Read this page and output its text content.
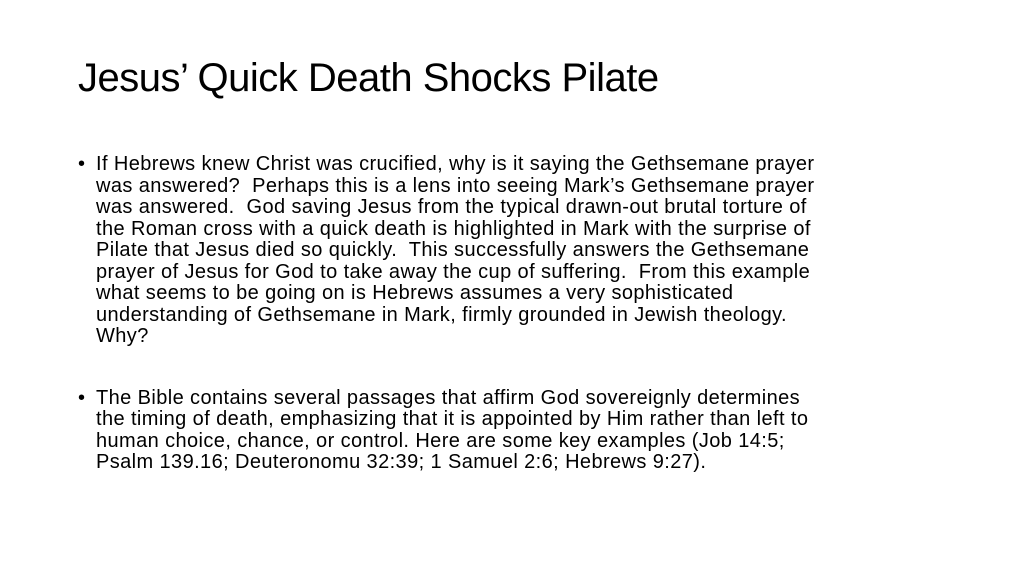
Jesus’ Quick Death Shocks Pilate
• If Hebrews knew Christ was crucified, why is it saying the Gethsemane prayer
was answered?  Perhaps this is a lens into seeing Mark’s Gethsemane prayer
was answered.  God saving Jesus from the typical drawn-out brutal torture of
the Roman cross with a quick death is highlighted in Mark with the surprise of
Pilate that Jesus died so quickly.  This successfully answers the Gethsemane
prayer of Jesus for God to take away the cup of suffering.  From this example
what seems to be going on is Hebrews assumes a very sophisticated
understanding of Gethsemane in Mark, firmly grounded in Jewish theology.
Why?
• The Bible contains several passages that affirm God sovereignly determines
the timing of death, emphasizing that it is appointed by Him rather than left to
human choice, chance, or control. Here are some key examples (Job 14:5;
Psalm 139.16; Deuteronomu 32:39; 1 Samuel 2:6; Hebrews 9:27).
